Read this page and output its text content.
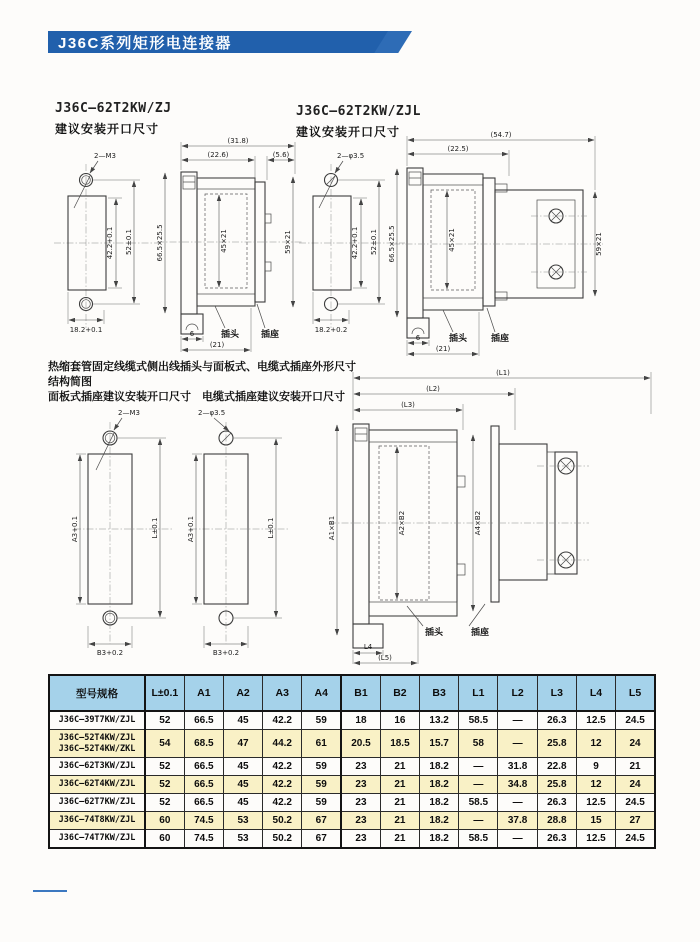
J36C系列矩形电连接器
J36C—62T2KW/ZJ
建议安装开口尺寸
J36C—62T2KW/ZJL
建议安装开口尺寸
2—M3
42.2+0.1 52±0.1
18.2+0.1
(31.8)
(22.6)	(5.6)
66.5×25.5	45×21	59×21
6
(21)
插头 插座
2—φ3.5
42.2+0.1 52±0.1
18.2+0.2
(54.7)
(22.5)
66.5×25.5	45×21	59×21
6
(21)
插头	插座
热缩套管固定线缆式侧出线插头与面板式、电缆式插座外形尺寸结构简图
面板式插座建议安装开口尺寸　电缆式插座建议安装开口尺寸
2—M3
A3+0.1	L±0.1
B3+0.2
2—φ3.5
A3+0.1	L±0.1
B3+0.2
(L1)
(L2)
(L3)
A1×B1	A2×B2	A4×B2
L4
(L5)
插头	插座
型号规格	L±0.1	A1	A2	A3	A4	B1	B2	B3	L1	L2	L3	L4	L5

J36C—39T7KW/ZJL	52	66.5	45	42.2	59	18	16	13.2	58.5	—	26.3	12.5	24.5

J36C—52T4KW/ZJL
J36C—52T4KW/ZKL	54	68.5	47	44.2	61	20.5	18.5	15.7	58	—	25.8	12	24

J36C—62T3KW/ZJL	52	66.5	45	42.2	59	23	21	18.2	—	31.8	22.8	9	21

J36C—62T4KW/ZJL	52	66.5	45	42.2	59	23	21	18.2	—	34.8	25.8	12	24

J36C—62T7KW/ZJL	52	66.5	45	42.2	59	23	21	18.2	58.5	—	26.3	12.5	24.5

J36C—74T8KW/ZJL	60	74.5	53	50.2	67	23	21	18.2	—	37.8	28.8	15	27

J36C—74T7KW/ZJL	60	74.5	53	50.2	67	23	21	18.2	58.5	—	26.3	12.5	24.5
